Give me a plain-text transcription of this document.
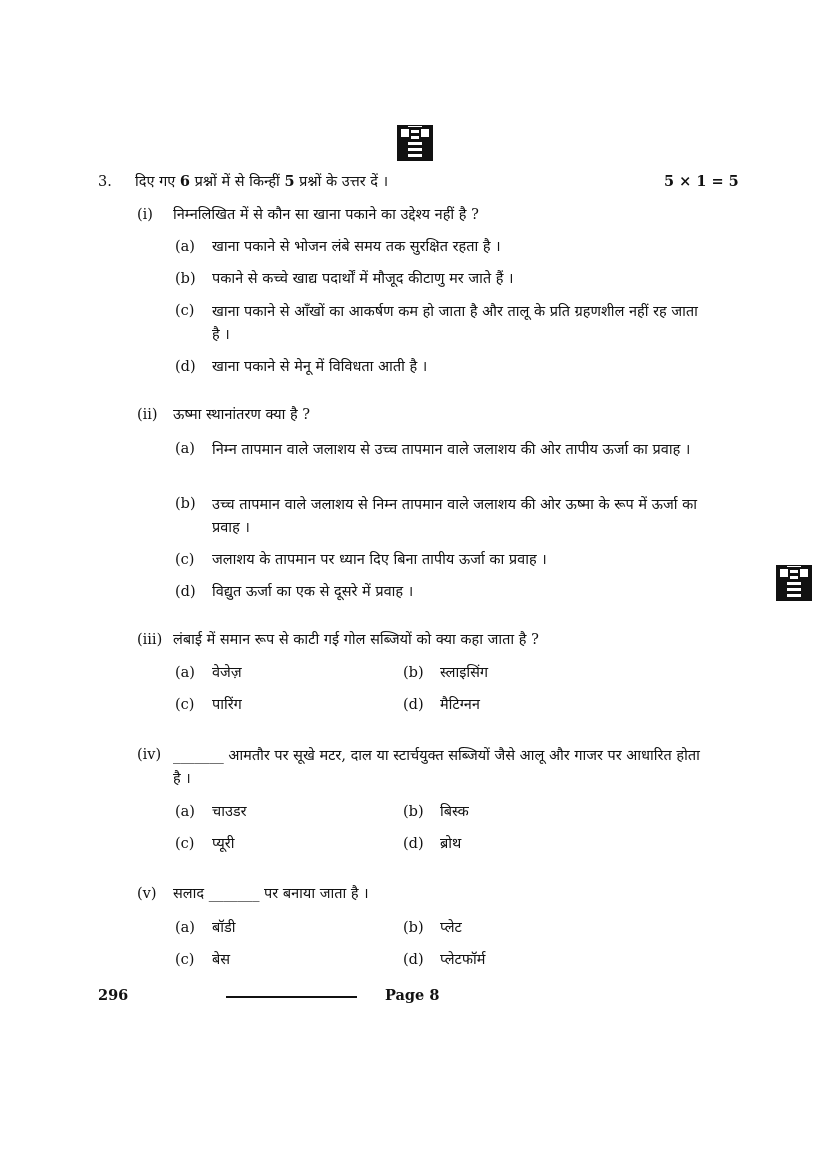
3. दिए गए 6 प्रश्नों में से किन्हीं 5 प्रश्नों के उत्तर दें ।	5 × 1 = 5
(i) निम्नलिखित में से कौन सा खाना पकाने का उद्देश्य नहीं है ?
(a) खाना पकाने से भोजन लंबे समय तक सुरक्षित रहता है ।
(b) पकाने से कच्चे खाद्य पदार्थों में मौजूद कीटाणु मर जाते हैं ।
(c) खाना पकाने से आँखों का आकर्षण कम हो जाता है और तालू के प्रति ग्रहणशील नहीं रह जाता है ।
(d) खाना पकाने से मेनू में विविधता आती है ।
(ii) ऊष्मा स्थानांतरण क्या है ?
(a) निम्न तापमान वाले जलाशय से उच्च तापमान वाले जलाशय की ओर तापीय ऊर्जा का प्रवाह ।
(b) उच्च तापमान वाले जलाशय से निम्न तापमान वाले जलाशय की ओर ऊष्मा के रूप में ऊर्जा का प्रवाह ।
(c) जलाशय के तापमान पर ध्यान दिए बिना तापीय ऊर्जा का प्रवाह ।
(d) विद्युत ऊर्जा का एक से दूसरे में प्रवाह ।
(iii) लंबाई में समान रूप से काटी गई गोल सब्जियों को क्या कहा जाता है ?
(a) वेजेज़	(b) स्लाइसिंग
(c) पारिंग	(d) मैटिग्नन
(iv) _______ आमतौर पर सूखे मटर, दाल या स्टार्चयुक्त सब्जियों जैसे आलू और गाजर पर आधारित होता है ।
(a) चाउडर	(b) बिस्क
(c) प्यूरी	(d) ब्रोथ
(v) सलाद _______ पर बनाया जाता है ।
(a) बॉडी	(b) प्लेट
(c) बेस	(d) प्लेटफॉर्म
296	Page 8
